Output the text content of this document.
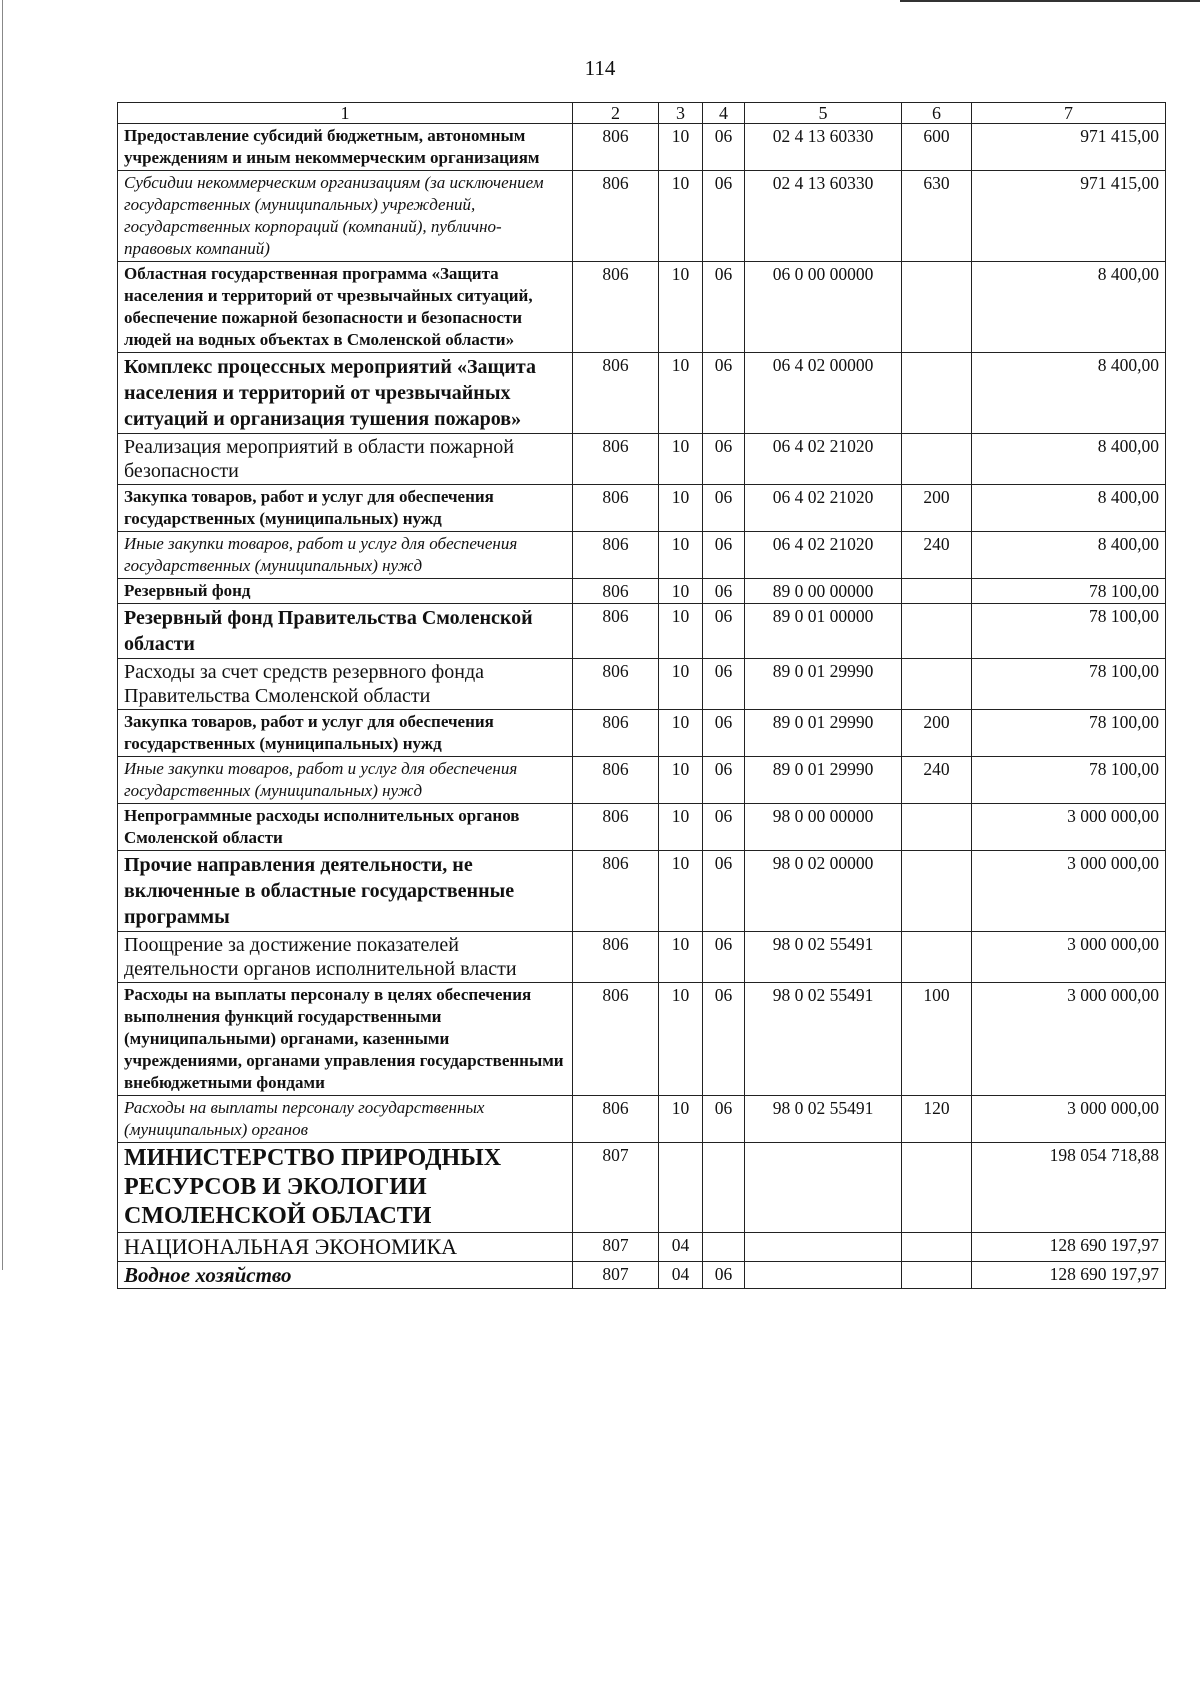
114
1	2	3	4	5	6	7
Предоставление субсидий бюджетным, автономным учреждениям и иным некоммерческим организациям	806	10	06	02 4 13 60330	600	971 415,00
Субсидии некоммерческим организациям (за исключением государственных (муниципальных) учреждений, государственных корпораций (компаний), публично-правовых компаний)	806	10	06	02 4 13 60330	630	971 415,00
Областная государственная программа «Защита населения и территорий от чрезвычайных ситуаций, обеспечение пожарной безопасности и безопасности людей на водных объектах в Смоленской области»	806	10	06	06 0 00 00000		8 400,00
Комплекс процессных мероприятий «Защита населения и территорий от чрезвычайных ситуаций и организация тушения пожаров»	806	10	06	06 4 02 00000		8 400,00
Реализация мероприятий в области пожарной безопасности	806	10	06	06 4 02 21020		8 400,00
Закупка товаров, работ и услуг для обеспечения государственных (муниципальных) нужд	806	10	06	06 4 02 21020	200	8 400,00
Иные закупки товаров, работ и услуг для обеспечения государственных (муниципальных) нужд	806	10	06	06 4 02 21020	240	8 400,00
Резервный фонд	806	10	06	89 0 00 00000		78 100,00
Резервный фонд Правительства Смоленской области	806	10	06	89 0 01 00000		78 100,00
Расходы за счет средств резервного фонда Правительства Смоленской области	806	10	06	89 0 01 29990		78 100,00
Закупка товаров, работ и услуг для обеспечения государственных (муниципальных) нужд	806	10	06	89 0 01 29990	200	78 100,00
Иные закупки товаров, работ и услуг для обеспечения государственных (муниципальных) нужд	806	10	06	89 0 01 29990	240	78 100,00
Непрограммные расходы исполнительных органов Смоленской области	806	10	06	98 0 00 00000		3 000 000,00
Прочие направления деятельности, не включенные в областные государственные программы	806	10	06	98 0 02 00000		3 000 000,00
Поощрение за достижение показателей деятельности органов исполнительной власти	806	10	06	98 0 02 55491		3 000 000,00
Расходы на выплаты персоналу в целях обеспечения выполнения функций государственными (муниципальными) органами, казенными учреждениями, органами управления государственными внебюджетными фондами	806	10	06	98 0 02 55491	100	3 000 000,00
Расходы на выплаты персоналу государственных (муниципальных) органов	806	10	06	98 0 02 55491	120	3 000 000,00
МИНИСТЕРСТВО ПРИРОДНЫХ РЕСУРСОВ И ЭКОЛОГИИ СМОЛЕНСКОЙ ОБЛАСТИ	807					198 054 718,88
НАЦИОНАЛЬНАЯ ЭКОНОМИКА	807	04				128 690 197,97
Водное хозяйство	807	04	06			128 690 197,97
